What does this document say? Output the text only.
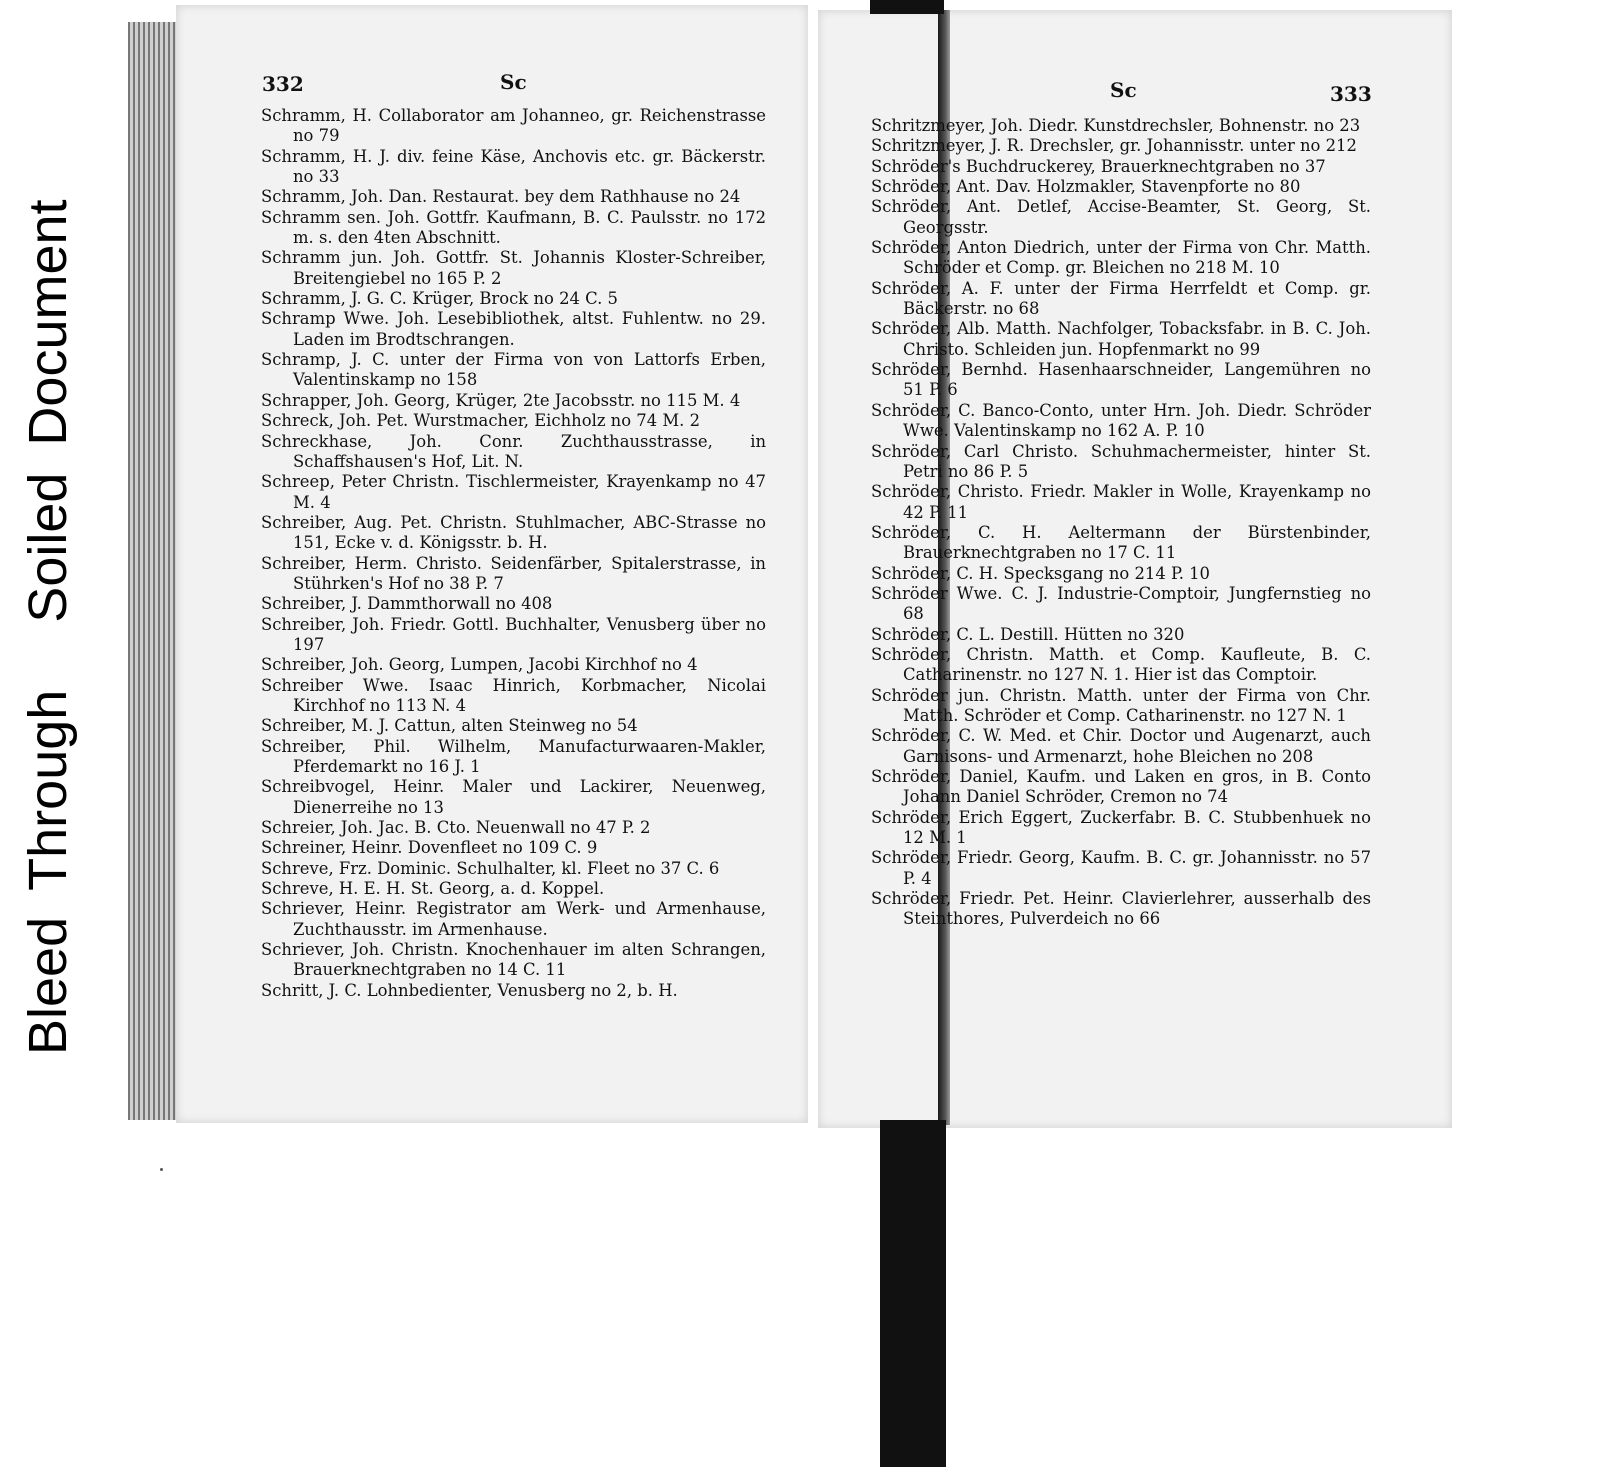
Bleed Through Soiled Document
332	Sc	Sc	333

Schramm, H. Collaborator am Johanneo, gr. Reichenstrasse no 79

Schramm, H. J. div. feine Käse, Anchovis etc. gr. Bäckerstr. no 33

Schramm, Joh. Dan. Restaurat. bey dem Rathhause no 24

Schramm sen. Joh. Gottfr. Kaufmann, B. C. Paulsstr. no 172 m. s. den 4ten Abschnitt.

Schramm jun. Joh. Gottfr. St. Johannis Kloster-Schreiber, Breitengiebel no 165 P. 2

Schramm, J. G. C. Krüger, Brock no 24 C. 5

Schramp Wwe. Joh. Lesebibliothek, altst. Fuhlentw. no 29. Laden im Brodtschrangen.

Schramp, J. C. unter der Firma von von Lattorfs Erben, Valentinskamp no 158

Schrapper, Joh. Georg, Krüger, 2te Jacobsstr. no 115 M. 4

Schreck, Joh. Pet. Wurstmacher, Eichholz no 74 M. 2

Schreckhase, Joh. Conr. Zuchthausstrasse, in Schaffshausen's Hof, Lit. N.

Schreep, Peter Christn. Tischlermeister, Krayenkamp no 47 M. 4

Schreiber, Aug. Pet. Christn. Stuhlmacher, ABC-Strasse no 151, Ecke v. d. Königsstr. b. H.

Schreiber, Herm. Christo. Seidenfärber, Spitalerstrasse, in Stührken's Hof no 38 P. 7

Schreiber, J. Dammthorwall no 408

Schreiber, Joh. Friedr. Gottl. Buchhalter, Venusberg über no 197

Schreiber, Joh. Georg, Lumpen, Jacobi Kirchhof no 4

Schreiber Wwe. Isaac Hinrich, Korbmacher, Nicolai Kirchhof no 113 N. 4

Schreiber, M. J. Cattun, alten Steinweg no 54

Schreiber, Phil. Wilhelm, Manufacturwaaren-Makler, Pferdemarkt no 16 J. 1

Schreibvogel, Heinr. Maler und Lackirer, Neuenweg, Dienerreihe no 13

Schreier, Joh. Jac. B. Cto. Neuenwall no 47 P. 2

Schreiner, Heinr. Dovenfleet no 109 C. 9

Schreve, Frz. Dominic. Schulhalter, kl. Fleet no 37 C. 6

Schreve, H. E. H. St. Georg, a. d. Koppel.

Schriever, Heinr. Registrator am Werk- und Armenhause, Zuchthausstr. im Armenhause.

Schriever, Joh. Christn. Knochenhauer im alten Schrangen, Brauerknechtgraben no 14 C. 11

Schritt, J. C. Lohnbedienter, Venusberg no 2, b. H.

Schritzmeyer, Joh. Diedr. Kunstdrechsler, Bohnenstr. no 23

Schritzmeyer, J. R. Drechsler, gr. Johannisstr. unter no 212

Schröder's Buchdruckerey, Brauerknechtgraben no 37

Schröder, Ant. Dav. Holzmakler, Stavenpforte no 80

Schröder, Ant. Detlef, Accise-Beamter, St. Georg, St. Georgsstr.

Schröder, Anton Diedrich, unter der Firma von Chr. Matth. Schröder et Comp. gr. Bleichen no 218 M. 10

Schröder, A. F. unter der Firma Herrfeldt et Comp. gr. Bäckerstr. no 68

Schröder, Alb. Matth. Nachfolger, Tobacksfabr. in B. C. Joh. Christo. Schleiden jun. Hopfenmarkt no 99

Schröder, Bernhd. Hasenhaarschneider, Langemühren no 51 P. 6

Schröder, C. Banco-Conto, unter Hrn. Joh. Diedr. Schröder Wwe. Valentinskamp no 162 A. P. 10

Schröder, Carl Christo. Schuhmachermeister, hinter St. Petri no 86 P. 5

Schröder, Christo. Friedr. Makler in Wolle, Krayenkamp no 42 P. 11

Schröder, C. H. Aeltermann der Bürstenbinder, Brauerknechtgraben no 17 C. 11

Schröder, C. H. Specksgang no 214 P. 10

Schröder Wwe. C. J. Industrie-Comptoir, Jungfernstieg no 68

Schröder, C. L. Destill. Hütten no 320

Schröder, Christn. Matth. et Comp. Kaufleute, B. C. Catharinenstr. no 127 N. 1. Hier ist das Comptoir.

Schröder jun. Christn. Matth. unter der Firma von Chr. Matth. Schröder et Comp. Catharinenstr. no 127 N. 1

Schröder, C. W. Med. et Chir. Doctor und Augenarzt, auch Garnisons- und Armenarzt, hohe Bleichen no 208

Schröder, Daniel, Kaufm. und Laken en gros, in B. Conto Johann Daniel Schröder, Cremon no 74

Schröder, Erich Eggert, Zuckerfabr. B. C. Stubbenhuek no 12 M. 1

Schröder, Friedr. Georg, Kaufm. B. C. gr. Johannisstr. no 57 P. 4

Schröder, Friedr. Pet. Heinr. Clavierlehrer, ausserhalb des Steinthores, Pulverdeich no 66
